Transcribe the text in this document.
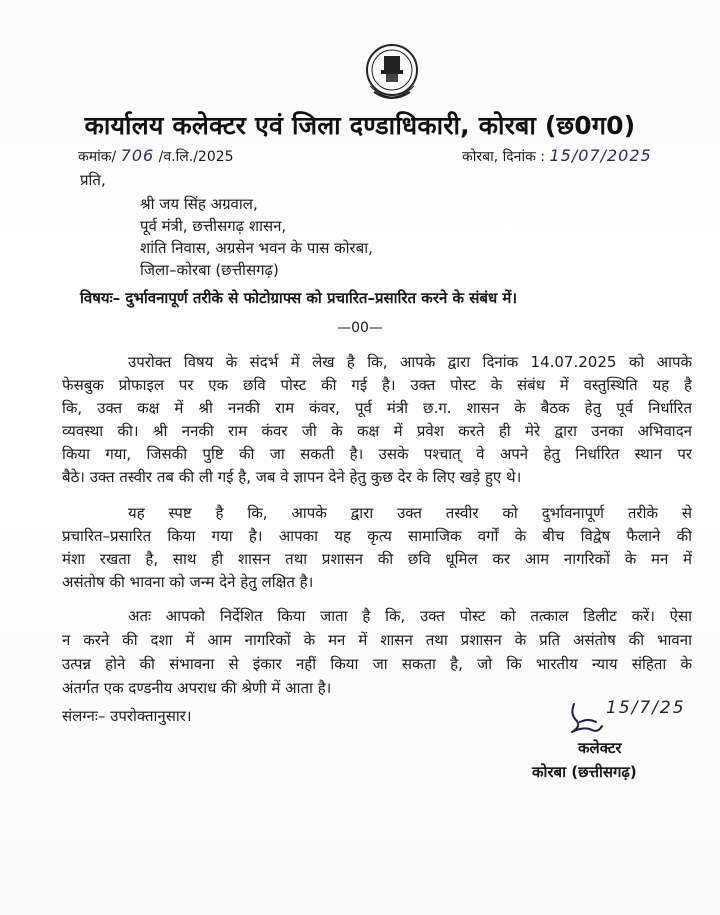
कार्यालय कलेक्टर एवं जिला दण्डाधिकारी, कोरबा (छ0ग0)
कमांक/ 706 /व.लि./2025	कोरबा, दिनांक : 15/07/2025
प्रति,
श्री जय सिंह अग्रवाल,
पूर्व मंत्री, छत्तीसगढ़ शासन,
शांति निवास, अग्रसेन भवन के पास कोरबा,
जिला–कोरबा (छत्तीसगढ़)
विषयः– दुर्भावनापूर्ण तरीके से फोटोग्राफ्स को प्रचारित–प्रसारित करने के संबंध में।
—00—
उपरोक्त विषय के संदर्भ में लेख है कि, आपके द्वारा दिनांक 14.07.2025 को आपके
फेसबुक प्रोफाइल पर एक छवि पोस्ट की गई है। उक्त पोस्ट के संबंध में वस्तुस्थिति यह है
कि, उक्त कक्ष में श्री ननकी राम कंवर, पूर्व मंत्री छ.ग. शासन के बैठक हेतु पूर्व निर्धारित
व्यवस्था की। श्री ननकी राम कंवर जी के कक्ष में प्रवेश करते ही मेरे द्वारा उनका अभिवादन
किया गया, जिसकी पुष्टि की जा सकती है। उसके पश्चात् वे अपने हेतु निर्धारित स्थान पर
बैठे। उक्त तस्वीर तब की ली गई है, जब वे ज्ञापन देने हेतु कुछ देर के लिए खड़े हुए थे।
यह स्पष्ट है कि, आपके द्वारा उक्त तस्वीर को दुर्भावनापूर्ण तरीके से
प्रचारित–प्रसारित किया गया है। आपका यह कृत्य सामाजिक वर्गों के बीच विद्वेष फैलाने की
मंशा रखता है, साथ ही शासन तथा प्रशासन की छवि धूमिल कर आम नागरिकों के मन में
असंतोष की भावना को जन्म देने हेतु लक्षित है।
अतः आपको निर्देशित किया जाता है कि, उक्त पोस्ट को तत्काल डिलीट करें। ऐसा
न करने की दशा में आम नागरिकों के मन में शासन तथा प्रशासन के प्रति असंतोष की भावना
उत्पन्न होने की संभावना से इंकार नहीं किया जा सकता है, जो कि भारतीय न्याय संहिता के
अंतर्गत एक दण्डनीय अपराध की श्रेणी में आता है।
संलग्नः– उपरोक्तानुसार।	15/7/25
कलेक्टर
कोरबा (छत्तीसगढ़)
